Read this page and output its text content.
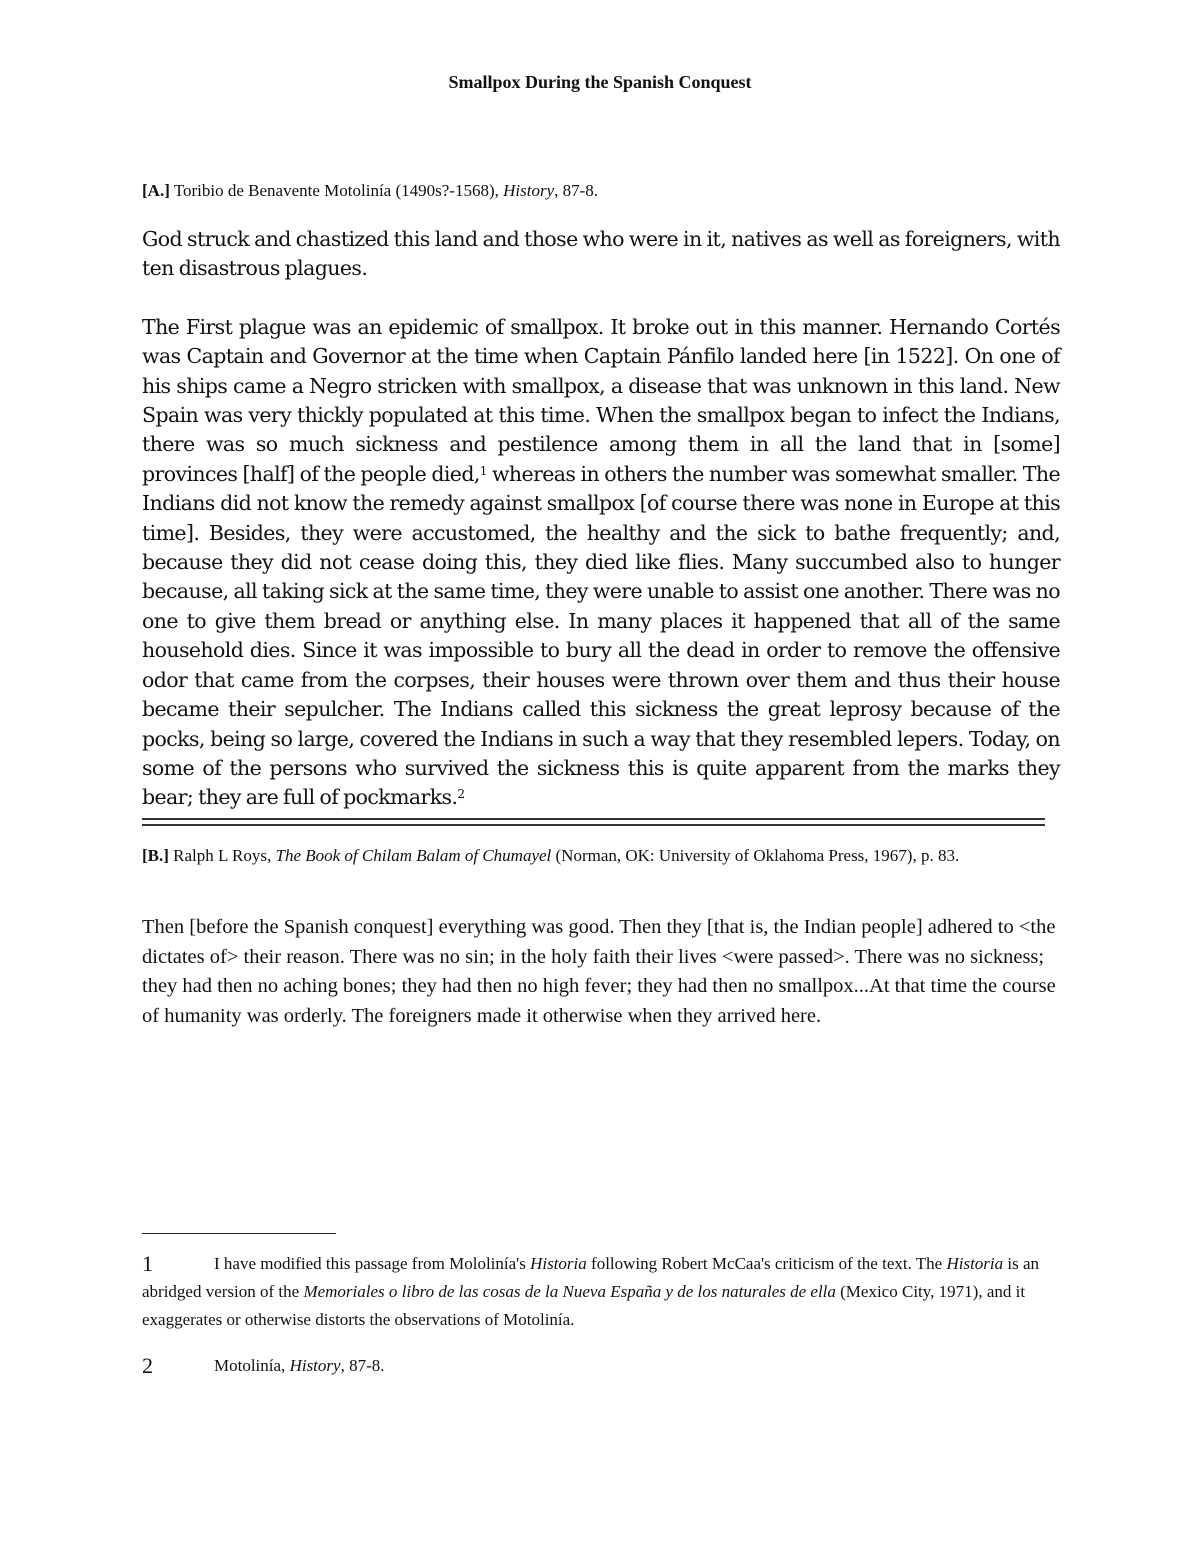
Smallpox During the Spanish Conquest
[A.] Toribio de Benavente Motolinía (1490s?-1568), History, 87-8.

God struck and chastized this land and those who were in it, natives as well as foreigners, with ten disastrous plagues.

The First plague was an epidemic of smallpox. It broke out in this manner. Hernando Cortés was Captain and Governor at the time when Captain Pánfilo landed here [in 1522]. On one of his ships came a Negro stricken with smallpox, a disease that was unknown in this land. New Spain was very thickly populated at this time. When the smallpox began to infect the Indians, there was so much sickness and pestilence among them in all the land that in [some] provinces [half] of the people died,$^1$ whereas in others the number was somewhat smaller. The Indians did not know the remedy against smallpox [of course there was none in Europe at this time]. Besides, they were accustomed, the healthy and the sick to bathe frequently; and, because they did not cease doing this, they died like flies. Many succumbed also to hunger because, all taking sick at the same time, they were unable to assist one another. There was no one to give them bread or anything else. In many places it happened that all of the same household dies. Since it was impossible to bury all the dead in order to remove the offensive odor that came from the corpses, their houses were thrown over them and thus their house became their sepulcher. The Indians called this sickness the great leprosy because of the pocks, being so large, covered the Indians in such a way that they resembled lepers. Today, on some of the persons who survived the sickness this is quite apparent from the marks they bear; they are full of pockmarks.$^2$

[B.] Ralph L Roys, The Book of Chilam Balam of Chumayel (Norman, OK: University of Oklahoma Press, 1967), p. 83.

Then [before the Spanish conquest] everything was good. Then they [that is, the Indian people] adhered to <the dictates of> their reason. There was no sin; in the holy faith their lives <were passed>. There was no sickness; they had then no aching bones; they had then no high fever; they had then no smallpox...At that time the course of humanity was orderly. The foreigners made it otherwise when they arrived here.

1	I have modified this passage from Mololinía's Historia following Robert McCaa's criticism of the text. The Historia is an abridged version of the Memoriales o libro de las cosas de la Nueva España y de los naturales de ella (Mexico City, 1971), and it exaggerates or otherwise distorts the observations of Motolinía.
2	Motolinía, History, 87-8.
